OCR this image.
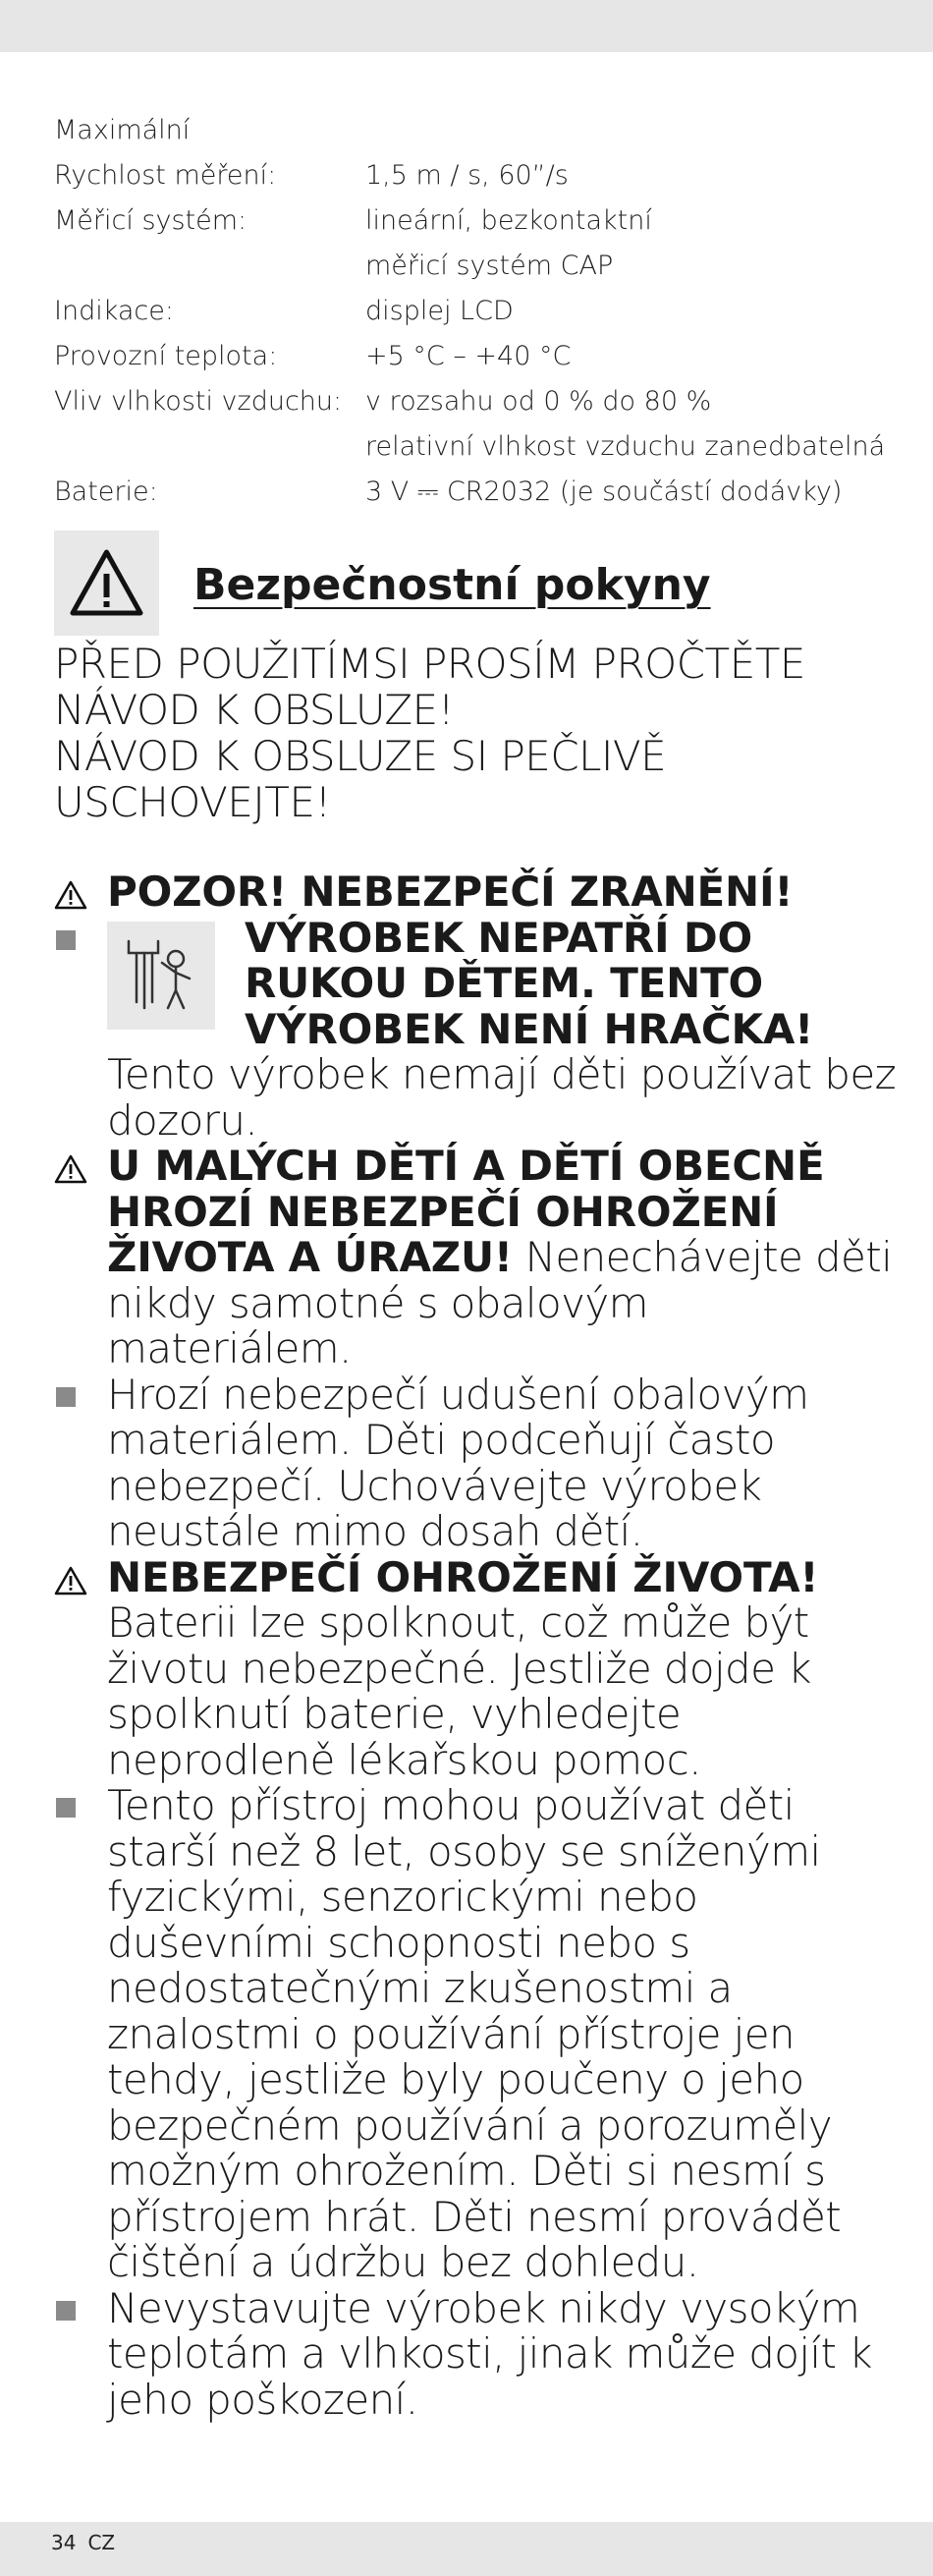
Maximální
Rychlost měření:	1,5 m / s, 60”/s
Měřicí systém:	lineární, bezkontaktní
měřicí systém CAP
Indikace:	displej LCD
Provozní teplota:	+5 °C – +40 °C
Vliv vlhkosti vzduchu: v rozsahu od 0 % do 80 %
relativní vlhkost vzduchu zanedbatelná
Baterie:	3 V ⎓ CR2032 (je součástí dodávky)
Bezpečnostní pokyny
PŘED POUŽITÍMSI PROSÍM PROČTĚTE
NÁVOD K OBSLUZE!
NÁVOD K OBSLUZE SI PEČLIVĚ
USCHOVEJTE!
POZOR! NEBEZPEČÍ ZRANĚNÍ!
VÝROBEK NEPATŘÍ DO RUKOU DĚTEM. TENTO VÝROBEK NENÍ HRAČKA!
Tento výrobek nemají děti používat bez dozoru.
U MALÝCH DĚTÍ A DĚTÍ OBECNĚ HROZÍ NEBEZPEČÍ OHROŽENÍ ŽIVOTA A ÚRAZU! Nenechávejte děti nikdy samotné s obalovým materiálem.
Hrozí nebezpečí udušení obalovým materiálem. Děti podceňují často nebezpečí. Uchovávejte výrobek neustále mimo dosah dětí.
NEBEZPEČÍ OHROŽENÍ ŽIVOTA!
Baterii lze spolknout, což může být životu nebezpečné. Jestliže dojde k spolknutí baterie, vyhledejte neprodleně lékařskou pomoc.
Tento přístroj mohou používat děti starší než 8 let, osoby se sníženými fyzickými, senzorickými nebo duševními schopnosti nebo s nedostatečnými zkušenostmi a znalostmi o používání přístroje jen tehdy, jestliže byly poučeny o jeho bezpečném používání a porozuměly možným ohrožením. Děti si nesmí s přístrojem hrát. Děti nesmí provádět čištění a údržbu bez dohledu.
Nevystavujte výrobek nikdy vysokým teplotám a vlhkosti, jinak může dojít k jeho poškození.
34 CZ
